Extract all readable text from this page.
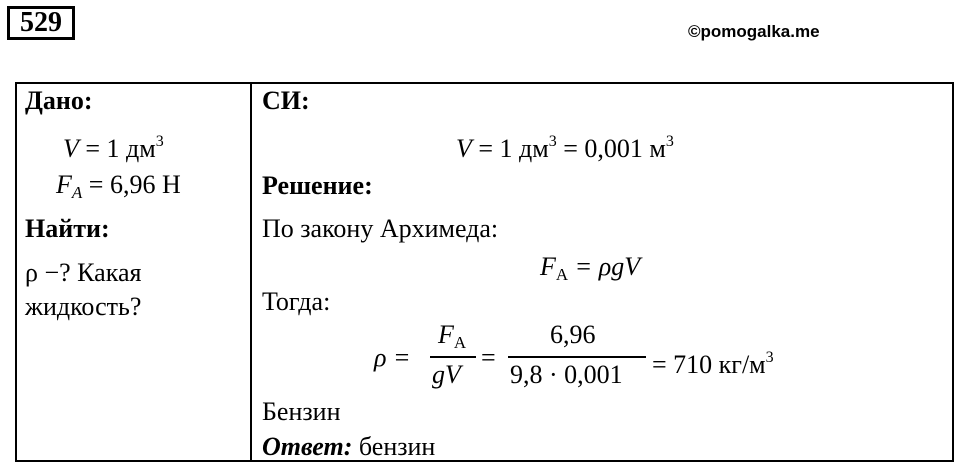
529	©pomogalka.me
Дано:
V = 1 $дм^3$
$F_A = 6,96$ Н
Найти:
ρ −? Какая
жидкость?
СИ:
V = 1 $дм^3 = 0,001$ $м^3$
Решение:
По закону Архимеда:
$F_А = \rho gV$
Тогда:
ρ =
$F_А$
gV
=
6,96
9,8 · 0,001 = 710 $кг/м^3$
Бензин
Ответ: бензин
